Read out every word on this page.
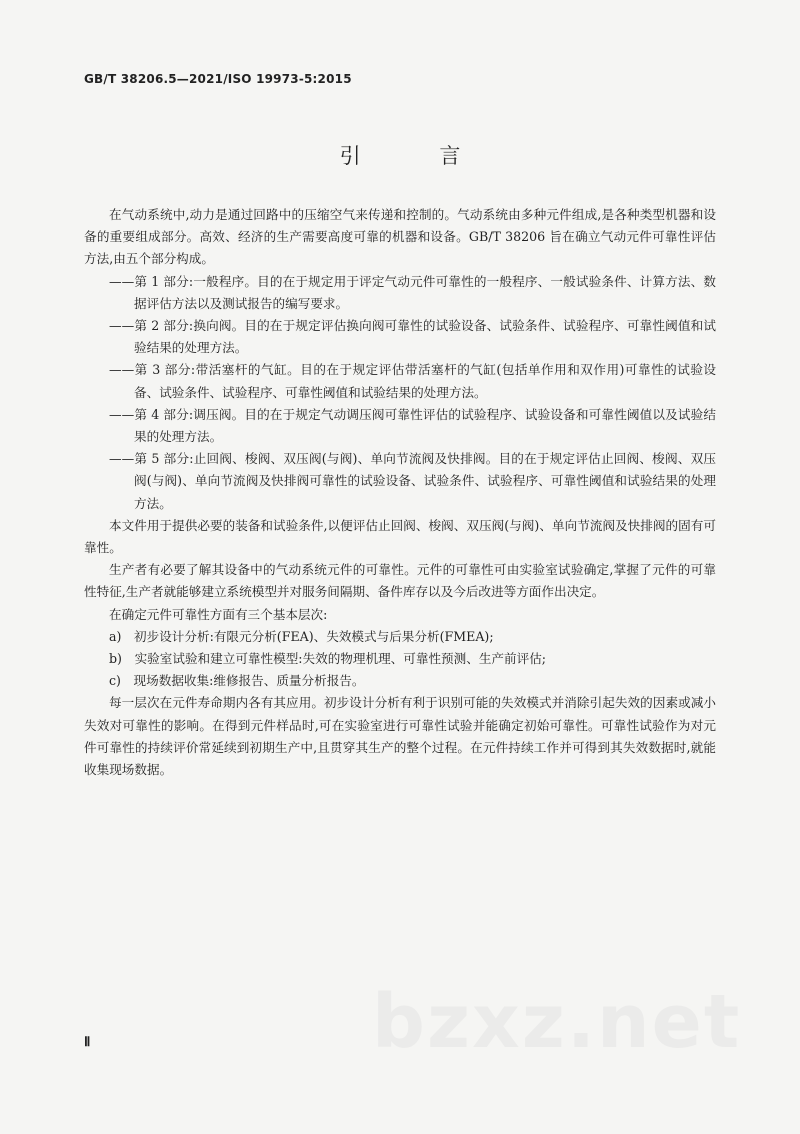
GB/T 38206.5—2021/ISO 19973-5:2015
引 言

在气动系统中,动力是通过回路中的压缩空气来传递和控制的。气动系统由多种元件组成,是各种类型机器和设备的重要组成部分。高效、经济的生产需要高度可靠的机器和设备。GB/T 38206 旨在确立气动元件可靠性评估方法,由五个部分构成。

——第 1 部分:一般程序。目的在于规定用于评定气动元件可靠性的一般程序、一般试验条件、计算方法、数据评估方法以及测试报告的编写要求。

——第 2 部分:换向阀。目的在于规定评估换向阀可靠性的试验设备、试验条件、试验程序、可靠性阈值和试验结果的处理方法。

——第 3 部分:带活塞杆的气缸。目的在于规定评估带活塞杆的气缸(包括单作用和双作用)可靠性的试验设备、试验条件、试验程序、可靠性阈值和试验结果的处理方法。

——第 4 部分:调压阀。目的在于规定气动调压阀可靠性评估的试验程序、试验设备和可靠性阈值以及试验结果的处理方法。

——第 5 部分:止回阀、梭阀、双压阀(与阀)、单向节流阀及快排阀。目的在于规定评估止回阀、梭阀、双压阀(与阀)、单向节流阀及快排阀可靠性的试验设备、试验条件、试验程序、可靠性阈值和试验结果的处理方法。

本文件用于提供必要的装备和试验条件,以便评估止回阀、梭阀、双压阀(与阀)、单向节流阀及快排阀的固有可靠性。

生产者有必要了解其设备中的气动系统元件的可靠性。元件的可靠性可由实验室试验确定,掌握了元件的可靠性特征,生产者就能够建立系统模型并对服务间隔期、备件库存以及今后改进等方面作出决定。

在确定元件可靠性方面有三个基本层次:

a)　初步设计分析:有限元分析(FEA)、失效模式与后果分析(FMEA);

b)　实验室试验和建立可靠性模型:失效的物理机理、可靠性预测、生产前评估;

c)　现场数据收集:维修报告、质量分析报告。

每一层次在元件寿命期内各有其应用。初步设计分析有利于识别可能的失效模式并消除引起失效的因素或减小失效对可靠性的影响。在得到元件样品时,可在实验室进行可靠性试验并能确定初始可靠性。可靠性试验作为对元件可靠性的持续评价常延续到初期生产中,且贯穿其生产的整个过程。在元件持续工作并可得到其失效数据时,就能收集现场数据。

bzxz.net
Ⅱ
